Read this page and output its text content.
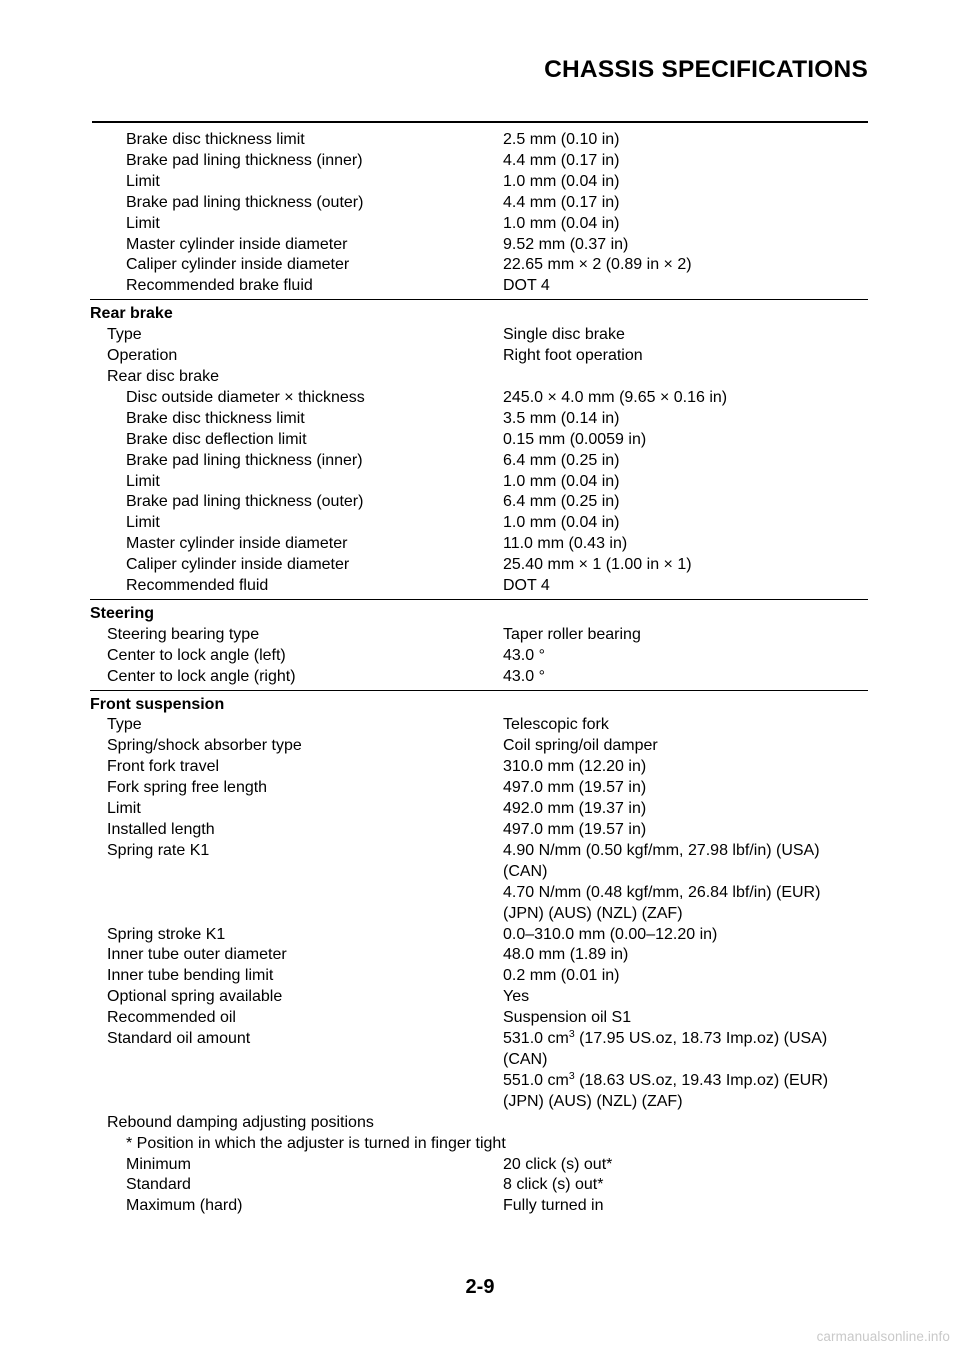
CHASSIS SPECIFICATIONS
Brake disc thickness limit	2.5 mm (0.10 in)
Brake pad lining thickness (inner)	4.4 mm (0.17 in)
Limit	1.0 mm (0.04 in)
Brake pad lining thickness (outer)	4.4 mm (0.17 in)
Limit	1.0 mm (0.04 in)
Master cylinder inside diameter	9.52 mm (0.37 in)
Caliper cylinder inside diameter	22.65 mm × 2 (0.89 in × 2)
Recommended brake fluid	DOT 4
Rear brake
Type	Single disc brake
Operation	Right foot operation
Rear disc brake
Disc outside diameter × thickness	245.0 × 4.0 mm (9.65 × 0.16 in)
Brake disc thickness limit	3.5 mm (0.14 in)
Brake disc deflection limit	0.15 mm (0.0059 in)
Brake pad lining thickness (inner)	6.4 mm (0.25 in)
Limit	1.0 mm (0.04 in)
Brake pad lining thickness (outer)	6.4 mm (0.25 in)
Limit	1.0 mm (0.04 in)
Master cylinder inside diameter	11.0 mm (0.43 in)
Caliper cylinder inside diameter	25.40 mm × 1 (1.00 in × 1)
Recommended fluid	DOT 4
Steering
Steering bearing type	Taper roller bearing
Center to lock angle (left)	43.0 °
Center to lock angle (right)	43.0 °
Front suspension
Type	Telescopic fork
Spring/shock absorber type	Coil spring/oil damper
Front fork travel	310.0 mm (12.20 in)
Fork spring free length	497.0 mm (19.57 in)
Limit	492.0 mm (19.37 in)
Installed length	497.0 mm (19.57 in)
Spring rate K1	4.90 N/mm (0.50 kgf/mm, 27.98 lbf/in) (USA)
(CAN)
4.70 N/mm (0.48 kgf/mm, 26.84 lbf/in) (EUR)
(JPN) (AUS) (NZL) (ZAF)
Spring stroke K1	0.0–310.0 mm (0.00–12.20 in)
Inner tube outer diameter	48.0 mm (1.89 in)
Inner tube bending limit	0.2 mm (0.01 in)
Optional spring available	Yes
Recommended oil	Suspension oil S1
Standard oil amount	531.0 $cm^3$ (17.95 US.oz, 18.73 Imp.oz) (USA)
(CAN)
551.0 $cm^3$ (18.63 US.oz, 19.43 Imp.oz) (EUR)
(JPN) (AUS) (NZL) (ZAF)
Rebound damping adjusting positions
* Position in which the adjuster is turned in finger tight
Minimum	20 click (s) out*
Standard	8 click (s) out*
Maximum (hard)	Fully turned in

2-9

carmanualsonline.info
